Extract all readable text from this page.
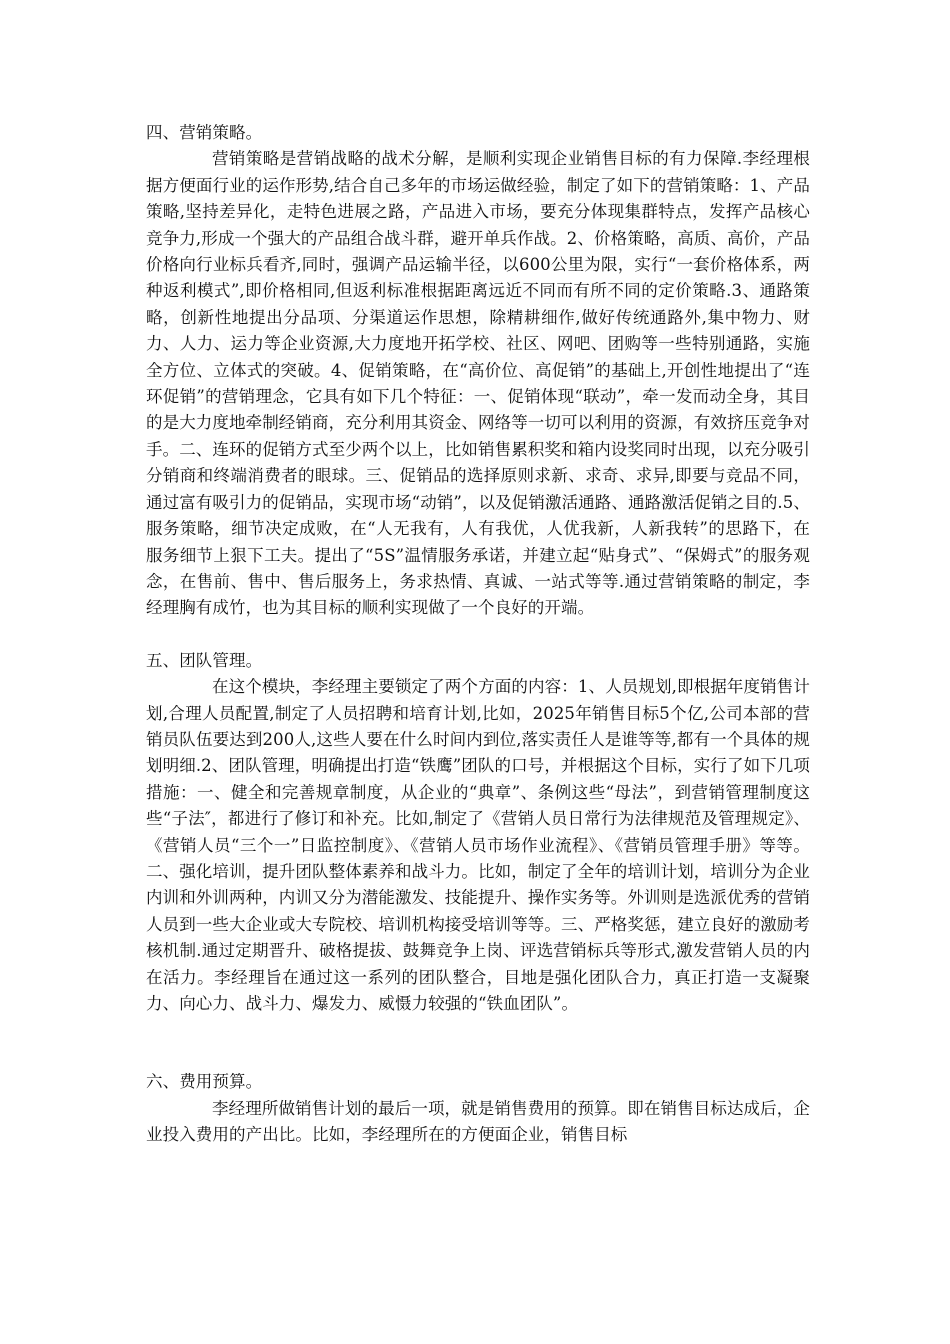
四、营销策略。

营销策略是营销战略的战术分解，是顺利实现企业销售目标的有力保障.李经理根据方便面行业的运作形势,结合自己多年的市场运做经验，制定了如下的营销策略：1、产品策略,坚持差异化，走特色进展之路，产品进入市场，要充分体现集群特点，发挥产品核心竞争力,形成一个强大的产品组合战斗群，避开单兵作战。2、价格策略，高质、高价，产品价格向行业标兵看齐,同时，强调产品运输半径，以600公里为限，实行“一套价格体系，两种返利模式”,即价格相同,但返利标准根据距离远近不同而有所不同的定价策略.3、通路策略，创新性地提出分品项、分渠道运作思想，除精耕细作,做好传统通路外,集中物力、财力、人力、运力等企业资源,大力度地开拓学校、社区、网吧、团购等一些特别通路，实施全方位、立体式的突破。4、促销策略，在“高价位、高促销”的基础上,开创性地提出了“连环促销”的营销理念，它具有如下几个特征：一、促销体现“联动”，牵一发而动全身，其目的是大力度地牵制经销商，充分利用其资金、网络等一切可以利用的资源，有效挤压竞争对手。二、连环的促销方式至少两个以上，比如销售累积奖和箱内设奖同时出现，以充分吸引分销商和终端消费者的眼球。三、促销品的选择原则求新、求奇、求异,即要与竞品不同，通过富有吸引力的促销品，实现市场“动销”，以及促销激活通路、通路激活促销之目的.5、服务策略，细节决定成败，在“人无我有，人有我优，人优我新，人新我转”的思路下，在服务细节上狠下工夫。提出了“5S”温情服务承诺，并建立起“贴身式”、“保姆式”的服务观念，在售前、售中、售后服务上，务求热情、真诚、一站式等等.通过营销策略的制定，李经理胸有成竹，也为其目标的顺利实现做了一个良好的开端。

五、团队管理。

在这个模块，李经理主要锁定了两个方面的内容：1、人员规划,即根据年度销售计划,合理人员配置,制定了人员招聘和培育计划,比如，2025年销售目标5个亿,公司本部的营销员队伍要达到200人,这些人要在什么时间内到位,落实责任人是谁等等,都有一个具体的规划明细.2、团队管理，明确提出打造“铁鹰”团队的口号，并根据这个目标，实行了如下几项措施：一、健全和完善规章制度，从企业的“典章”、条例这些“母法”，到营销管理制度这些“子法″，都进行了修订和补充。比如,制定了《营销人员日常行为法律规范及管理规定》、《营销人员“三个一”日监控制度》、《营销人员市场作业流程》、《营销员管理手册》等等。二、强化培训，提升团队整体素养和战斗力。比如，制定了全年的培训计划，培训分为企业内训和外训两种，内训又分为潜能激发、技能提升、操作实务等。外训则是选派优秀的营销人员到一些大企业或大专院校、培训机构接受培训等等。三、严格奖惩，建立良好的激励考核机制.通过定期晋升、破格提拔、鼓舞竞争上岗、评选营销标兵等形式,激发营销人员的内在活力。李经理旨在通过这一系列的团队整合，目地是强化团队合力，真正打造一支凝聚力、向心力、战斗力、爆发力、威慑力较强的“铁血团队”。

六、费用预算。

李经理所做销售计划的最后一项，就是销售费用的预算。即在销售目标达成后，企业投入费用的产出比。比如，李经理所在的方便面企业，销售目标
